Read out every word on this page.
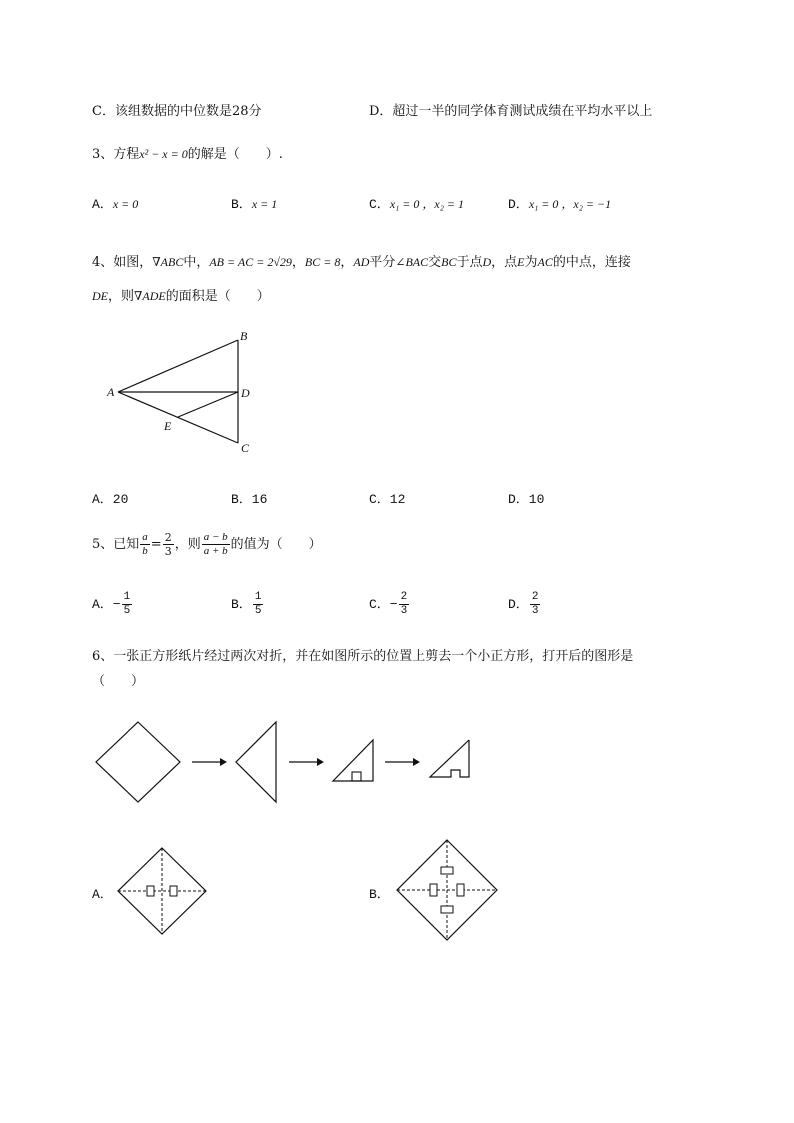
C．该组数据的中位数是28分	D．超过一半的同学体育测试成绩在平均水平以上
3、方程x² − x = 0的解是（　　）.
A．x = 0	B．x = 1	C．x₁ = 0 ，x₂ = 1	D．x₁ = 0 ，x₂ = −1
4、如图，∇ABC中，AB = AC = 2√29，BC = 8，AD平分∠BAC交BC于点D，点E为AC的中点，连接
DE，则∇ADE的面积是（　　）
A
B
D
E
C
A．20	B．16	C．12	D．10
5、已知 $\frac{a}{b} = \frac{2}{3}$ ，则 $\frac{a - b}{a + b}$ 的值为（　　）
A．− $\frac{1}{5}$	B． $\frac{1}{5}$	C．− $\frac{2}{3}$	D． $\frac{2}{3}$
6、一张正方形纸片经过两次对折，并在如图所示的位置上剪去一个小正方形，打开后的图形是
（　　）
A．	B．
